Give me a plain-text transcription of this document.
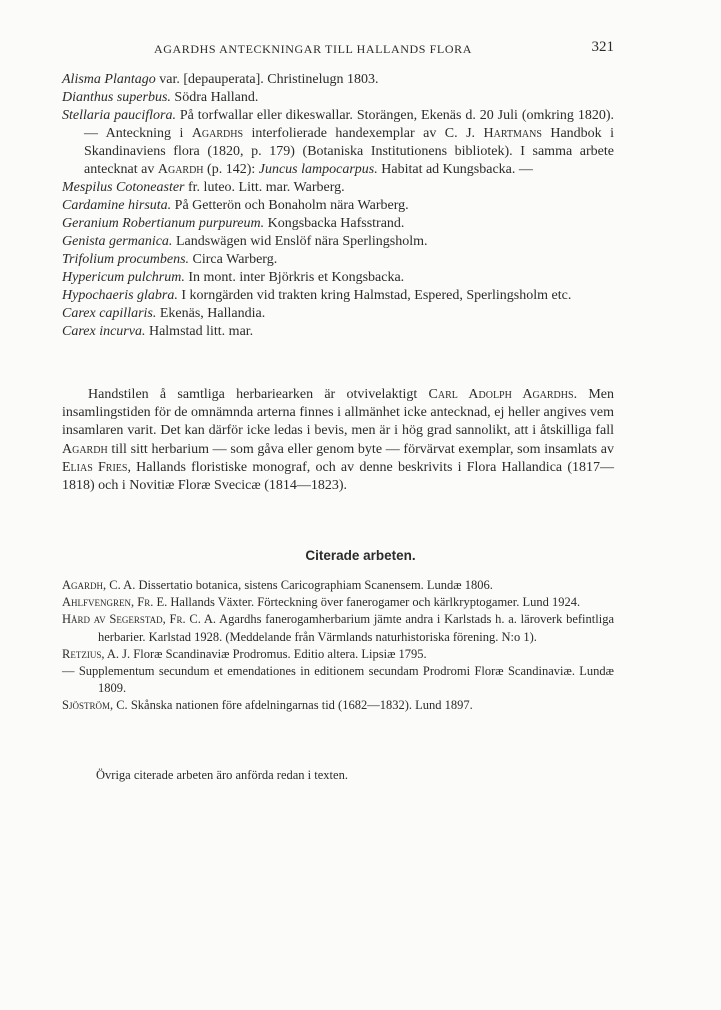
AGARDHS ANTECKNINGAR TILL HALLANDS FLORA	321
Alisma Plantago var. [depauperata]. Christinelugn 1803.
Dianthus superbus. Södra Halland.
Stellaria pauciflora. På torfwallar eller dikeswallar. Storängen, Ekenäs d. 20 Juli (omkring 1820). — Anteckning i Agardhs interfolierade handexemplar av C. J. Hartmans Handbok i Skandinaviens flora (1820, p. 179) (Botaniska Institutionens bibliotek). I samma arbete antecknat av Agardh (p. 142): Juncus lampocarpus. Habitat ad Kungsbacka. —
Mespilus Cotoneaster fr. luteo. Litt. mar. Warberg.
Cardamine hirsuta. På Getterön och Bonaholm nära Warberg.
Geranium Robertianum purpureum. Kongsbacka Hafsstrand.
Genista germanica. Landswägen wid Enslöf nära Sperlingsholm.
Trifolium procumbens. Circa Warberg.
Hypericum pulchrum. In mont. inter Björkris et Kongsbacka.
Hypochaeris glabra. I korngärden vid trakten kring Halmstad, Espered, Sperlingsholm etc.
Carex capillaris. Ekenäs, Hallandia.
Carex incurva. Halmstad litt. mar.

Handstilen å samtliga herbariearken är otvivelaktigt Carl Adolph Agardhs. Men insamlingstiden för de omnämnda arterna finnes i allmänhet icke antecknad, ej heller angives vem insamlaren varit. Det kan därför icke ledas i bevis, men är i hög grad sannolikt, att i åtskilliga fall Agardh till sitt herbarium — som gåva eller genom byte — förvärvat exemplar, som insamlats av Elias Fries, Hallands floristiske monograf, och av denne beskrivits i Flora Hallandica (1817—1818) och i Novitiæ Floræ Svecicæ (1814—1823).

Citerade arbeten.
Agardh, C. A. Dissertatio botanica, sistens Caricographiam Scanensem. Lundæ 1806.
Ahlfvengren, Fr. E. Hallands Växter. Förteckning över fanerogamer och kärlkryptogamer. Lund 1924.
Hård av Segerstad, Fr. C. A. Agardhs fanerogamherbarium jämte andra i Karlstads h. a. läroverk befintliga herbarier. Karlstad 1928. (Meddelande från Värmlands naturhistoriska förening. N:o 1).
Retzius, A. J. Floræ Scandinaviæ Prodromus. Editio altera. Lipsiæ 1795.
— Supplementum secundum et emendationes in editionem secundam Prodromi Floræ Scandinaviæ. Lundæ 1809.
Sjöström, C. Skånska nationen före afdelningarnas tid (1682—1832). Lund 1897.
Övriga citerade arbeten äro anförda redan i texten.
